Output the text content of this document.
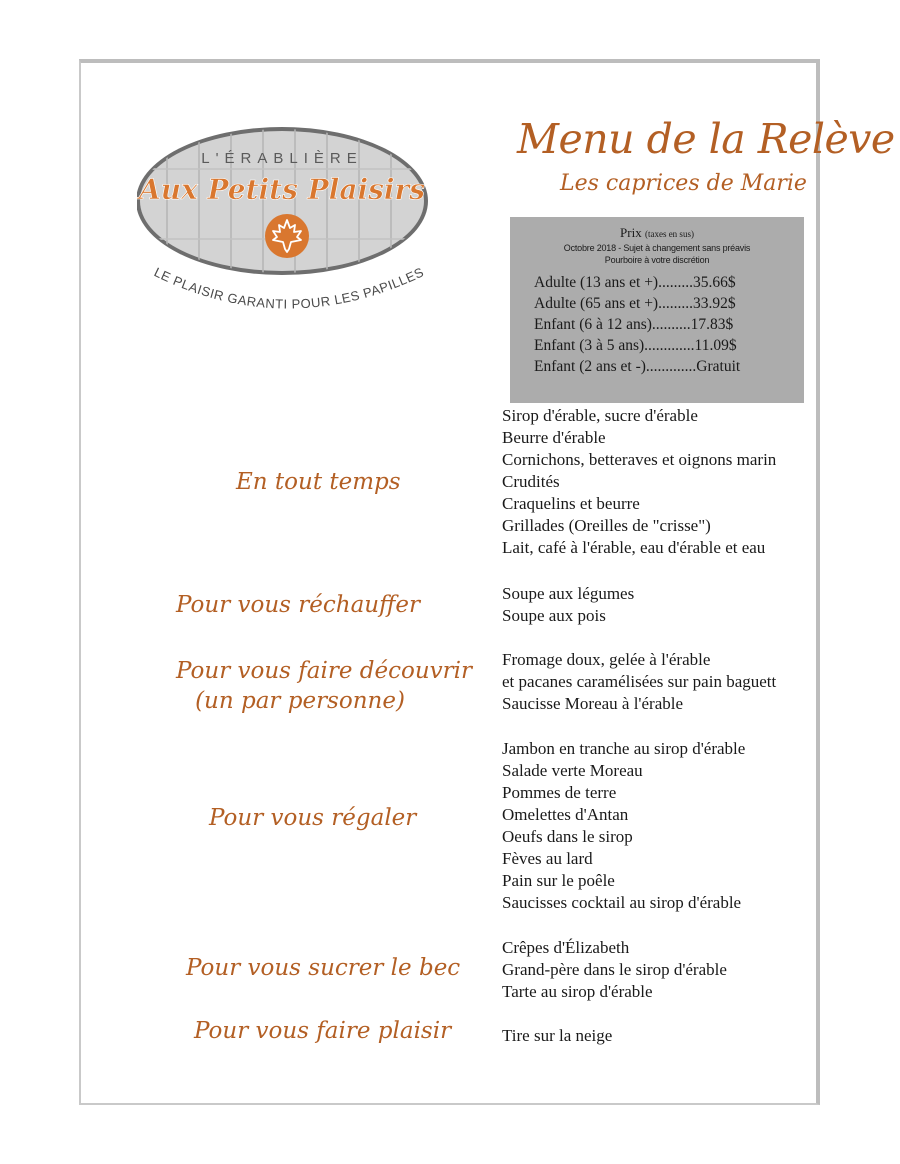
L'ÉRABLIÈRE
Aux Petits Plaisirs
LE PLAISIR GARANTI POUR LES PAPILLES
Menu de la Relève
Les caprices de Marie
Prix (taxes en sus)
Octobre 2018 - Sujet à changement sans préavis
Pourboire à votre discrétion
Adulte (13 ans et +).........35.66$
Adulte (65 ans et +).........33.92$
Enfant (6 à 12 ans)..........17.83$
Enfant (3 à 5 ans).............11.09$
Enfant (2 ans et -).............Gratuit
En tout temps
Sirop d'érable, sucre d'érable
Beurre d'érable
Cornichons, betteraves et oignons marin
Crudités
Craquelins et beurre
Grillades (Oreilles de "crisse")
Lait, café à l'érable, eau d'érable et eau
Pour vous réchauffer	Soupe aux légumes
Soupe aux pois
Pour vous faire découvrir
(un par personne)
Fromage doux, gelée à l'érable
et pacanes caramélisées sur pain baguett
Saucisse Moreau à l'érable
Pour vous régaler
Jambon en tranche au sirop d'érable
Salade verte Moreau
Pommes de terre
Omelettes d'Antan
Oeufs dans le sirop
Fèves au lard
Pain sur le poêle
Saucisses cocktail au sirop d'érable
Pour vous sucrer le bec
Crêpes d'Élizabeth
Grand-père dans le sirop d'érable
Tarte au sirop d'érable
Pour vous faire plaisir	Tire sur la neige
